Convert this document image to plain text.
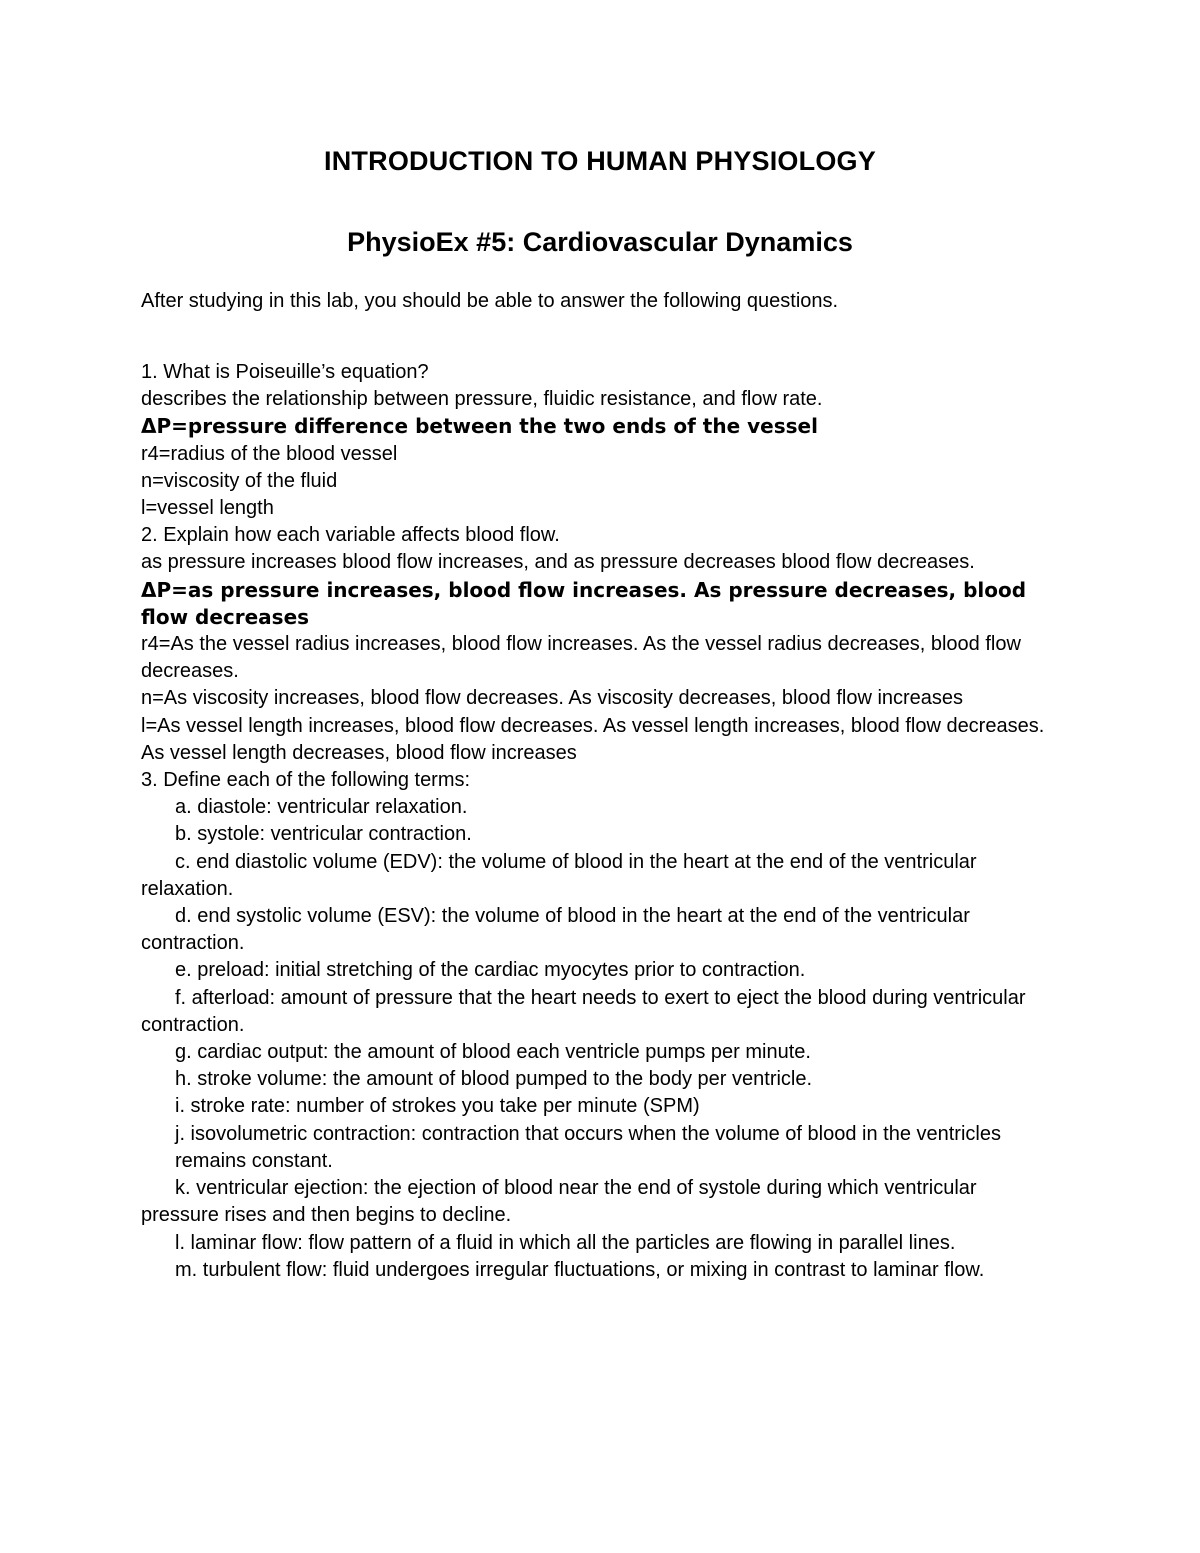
INTRODUCTION TO HUMAN PHYSIOLOGY
PhysioEx #5: Cardiovascular Dynamics
After studying in this lab, you should be able to answer the following questions.
1. What is Poiseuille’s equation?
describes the relationship between pressure, fluidic resistance, and flow rate.
ΔP=pressure difference between the two ends of the vessel
r4=radius of the blood vessel
n=viscosity of the fluid
l=vessel length
2. Explain how each variable affects blood flow.
as pressure increases blood flow increases, and as pressure decreases blood flow decreases.
ΔP=as pressure increases, blood flow increases. As pressure decreases, blood flow decreases
r4=As the vessel radius increases, blood flow increases. As the vessel radius decreases, blood flow decreases.
n=As viscosity increases, blood flow decreases. As viscosity decreases, blood flow increases
l=As vessel length increases, blood flow decreases. As vessel length increases, blood flow decreases. As vessel length decreases, blood flow increases
3. Define each of the following terms:
a. diastole: ventricular relaxation.
b. systole: ventricular contraction.
c. end diastolic volume (EDV): the volume of blood in the heart at the end of the ventricular relaxation.
d. end systolic volume (ESV): the volume of blood in the heart at the end of the ventricular contraction.
e. preload: initial stretching of the cardiac myocytes prior to contraction.
f. afterload: amount of pressure that the heart needs to exert to eject the blood during ventricular contraction.
g. cardiac output: the amount of blood each ventricle pumps per minute.
h. stroke volume: the amount of blood pumped to the body per ventricle.
i. stroke rate: number of strokes you take per minute (SPM)
j. isovolumetric contraction: contraction that occurs when the volume of blood in the ventricles remains constant.
k. ventricular ejection: the ejection of blood near the end of systole during which ventricular pressure rises and then begins to decline.
l. laminar flow: flow pattern of a fluid in which all the particles are flowing in parallel lines.
m. turbulent flow: fluid undergoes irregular fluctuations, or mixing in contrast to laminar flow.
